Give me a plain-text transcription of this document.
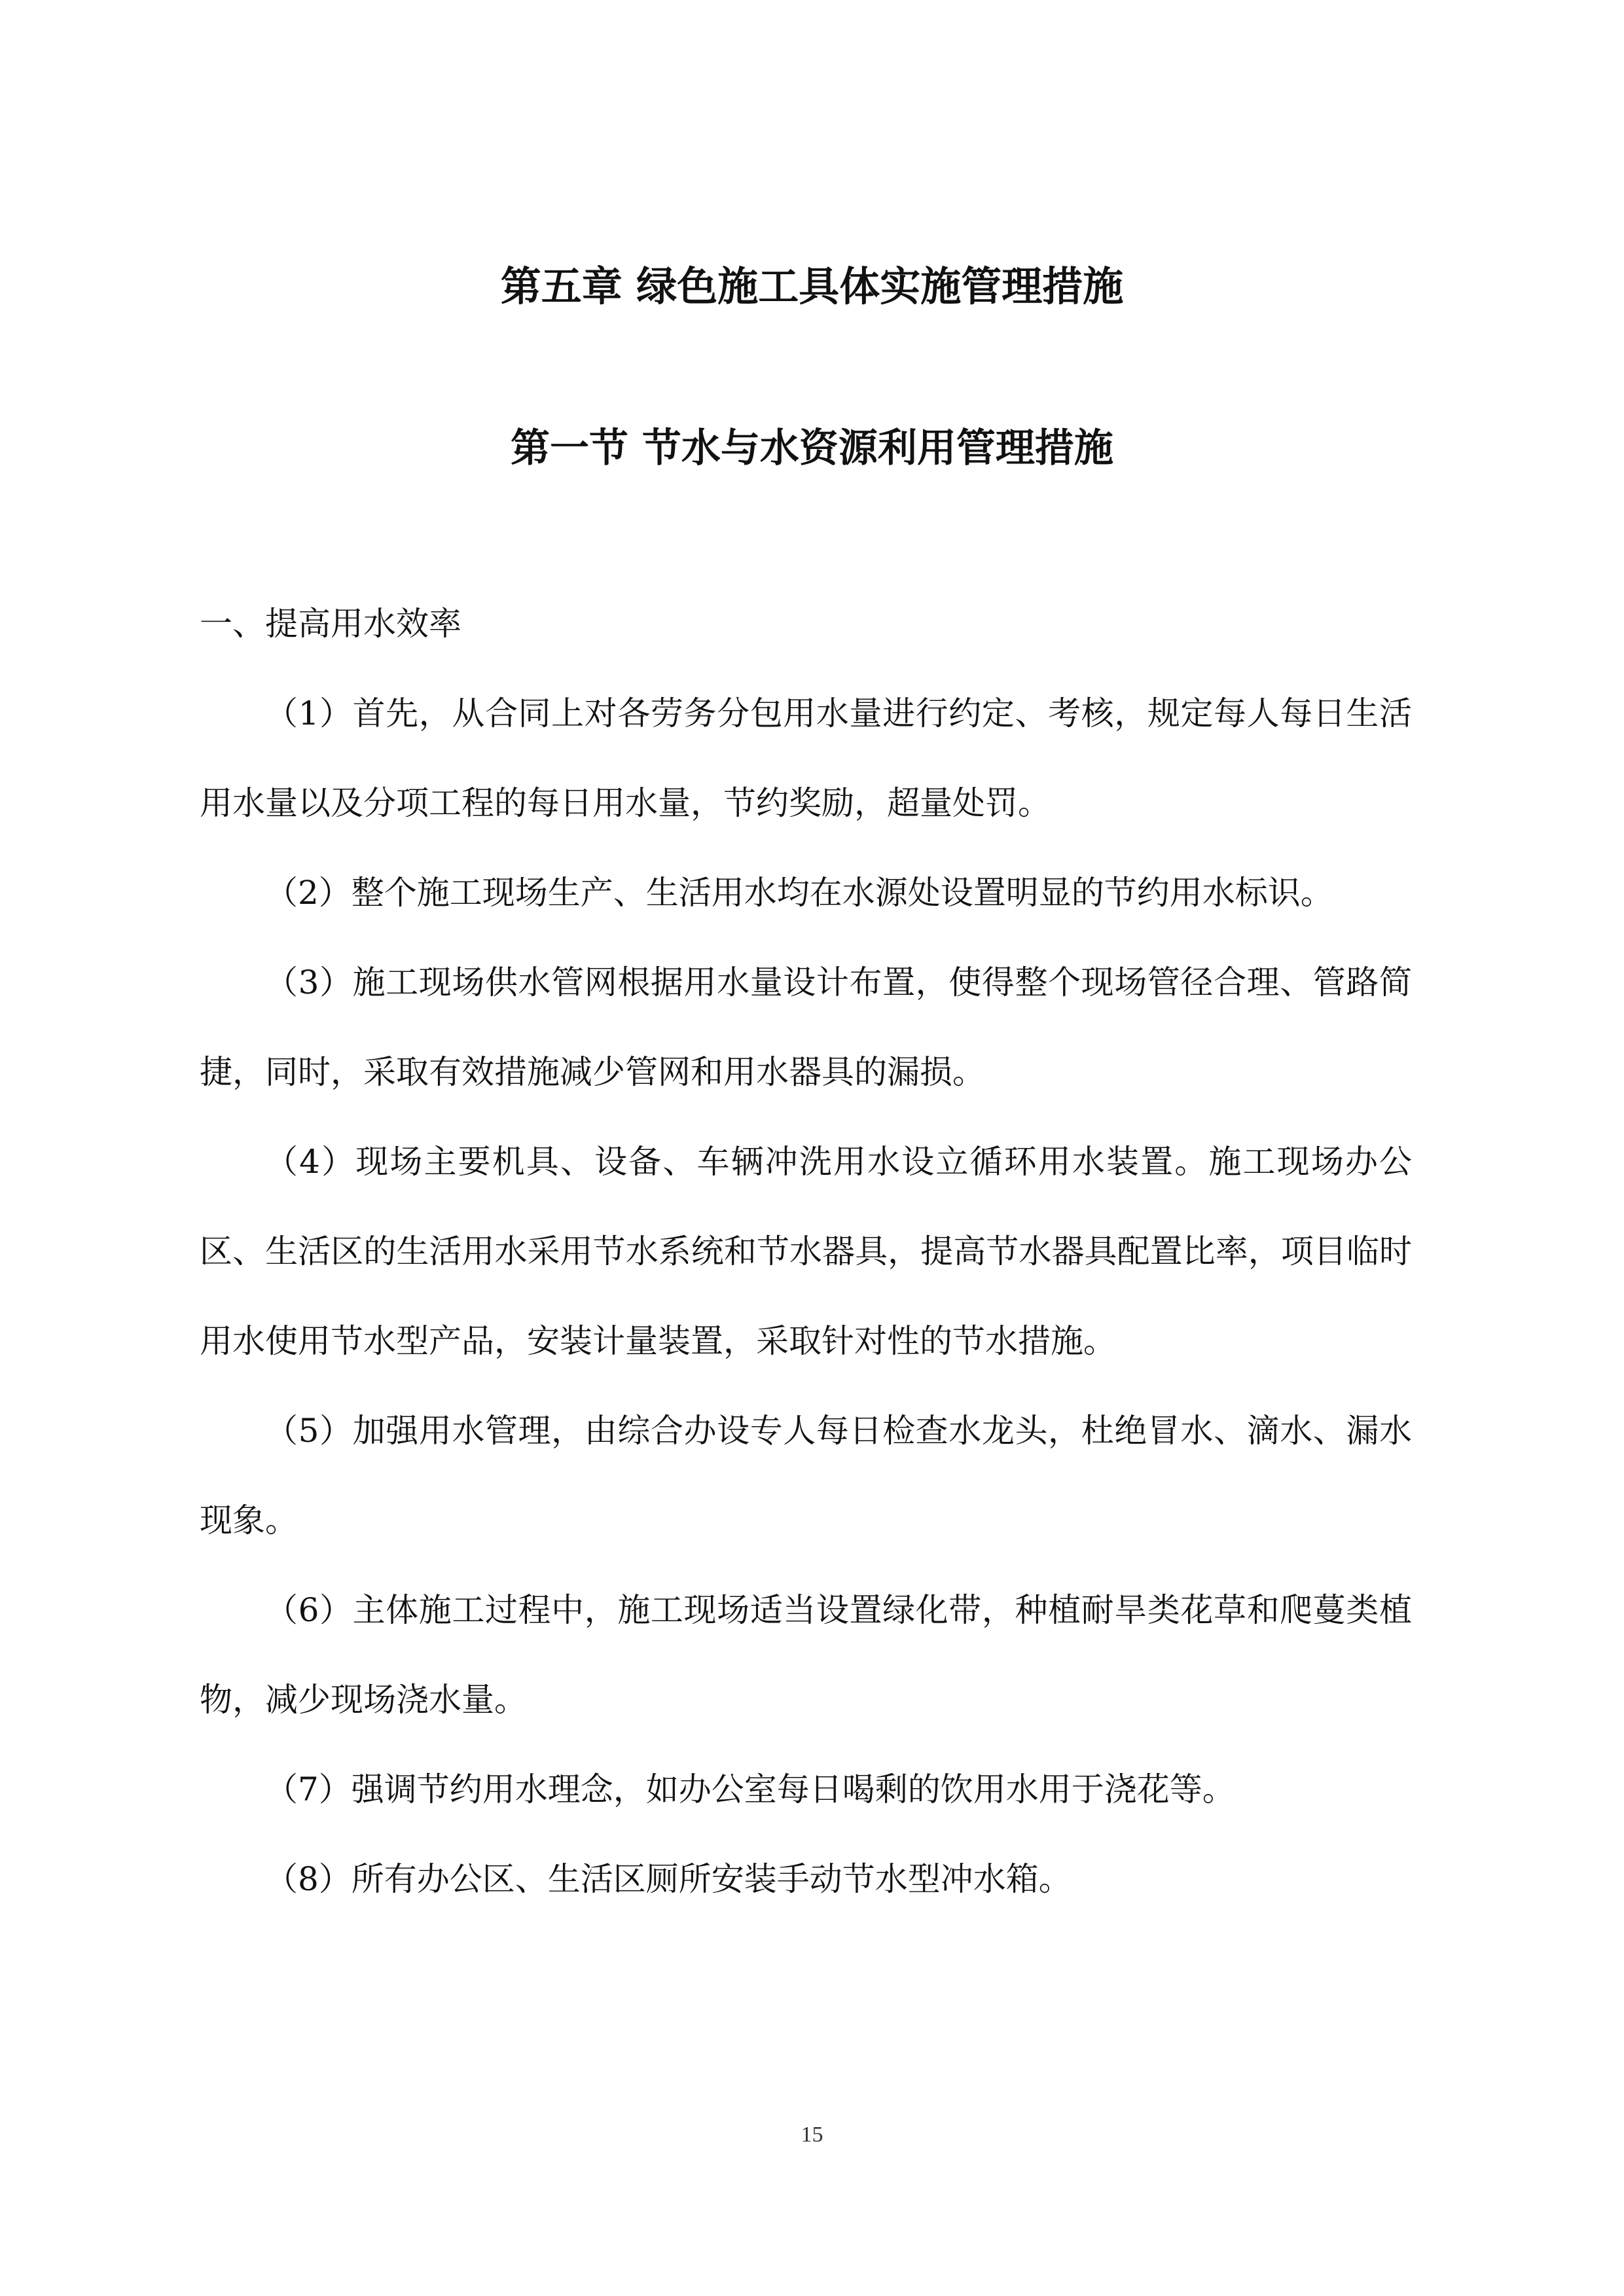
第五章 绿色施工具体实施管理措施
第一节 节水与水资源利用管理措施
一、提高用水效率

（1）首先，从合同上对各劳务分包用水量进行约定、考核，规定每人每日生活用水量以及分项工程的每日用水量，节约奖励，超量处罚。

（2）整个施工现场生产、生活用水均在水源处设置明显的节约用水标识。

（3）施工现场供水管网根据用水量设计布置，使得整个现场管径合理、管路简捷，同时，采取有效措施减少管网和用水器具的漏损。

（4）现场主要机具、设备、车辆冲洗用水设立循环用水装置。施工现场办公区、生活区的生活用水采用节水系统和节水器具，提高节水器具配置比率，项目临时用水使用节水型产品，安装计量装置，采取针对性的节水措施。

（5）加强用水管理，由综合办设专人每日检查水龙头，杜绝冒水、滴水、漏水现象。

（6）主体施工过程中，施工现场适当设置绿化带，种植耐旱类花草和爬蔓类植物，减少现场浇水量。

（7）强调节约用水理念，如办公室每日喝剩的饮用水用于浇花等。

（8）所有办公区、生活区厕所安装手动节水型冲水箱。

15
